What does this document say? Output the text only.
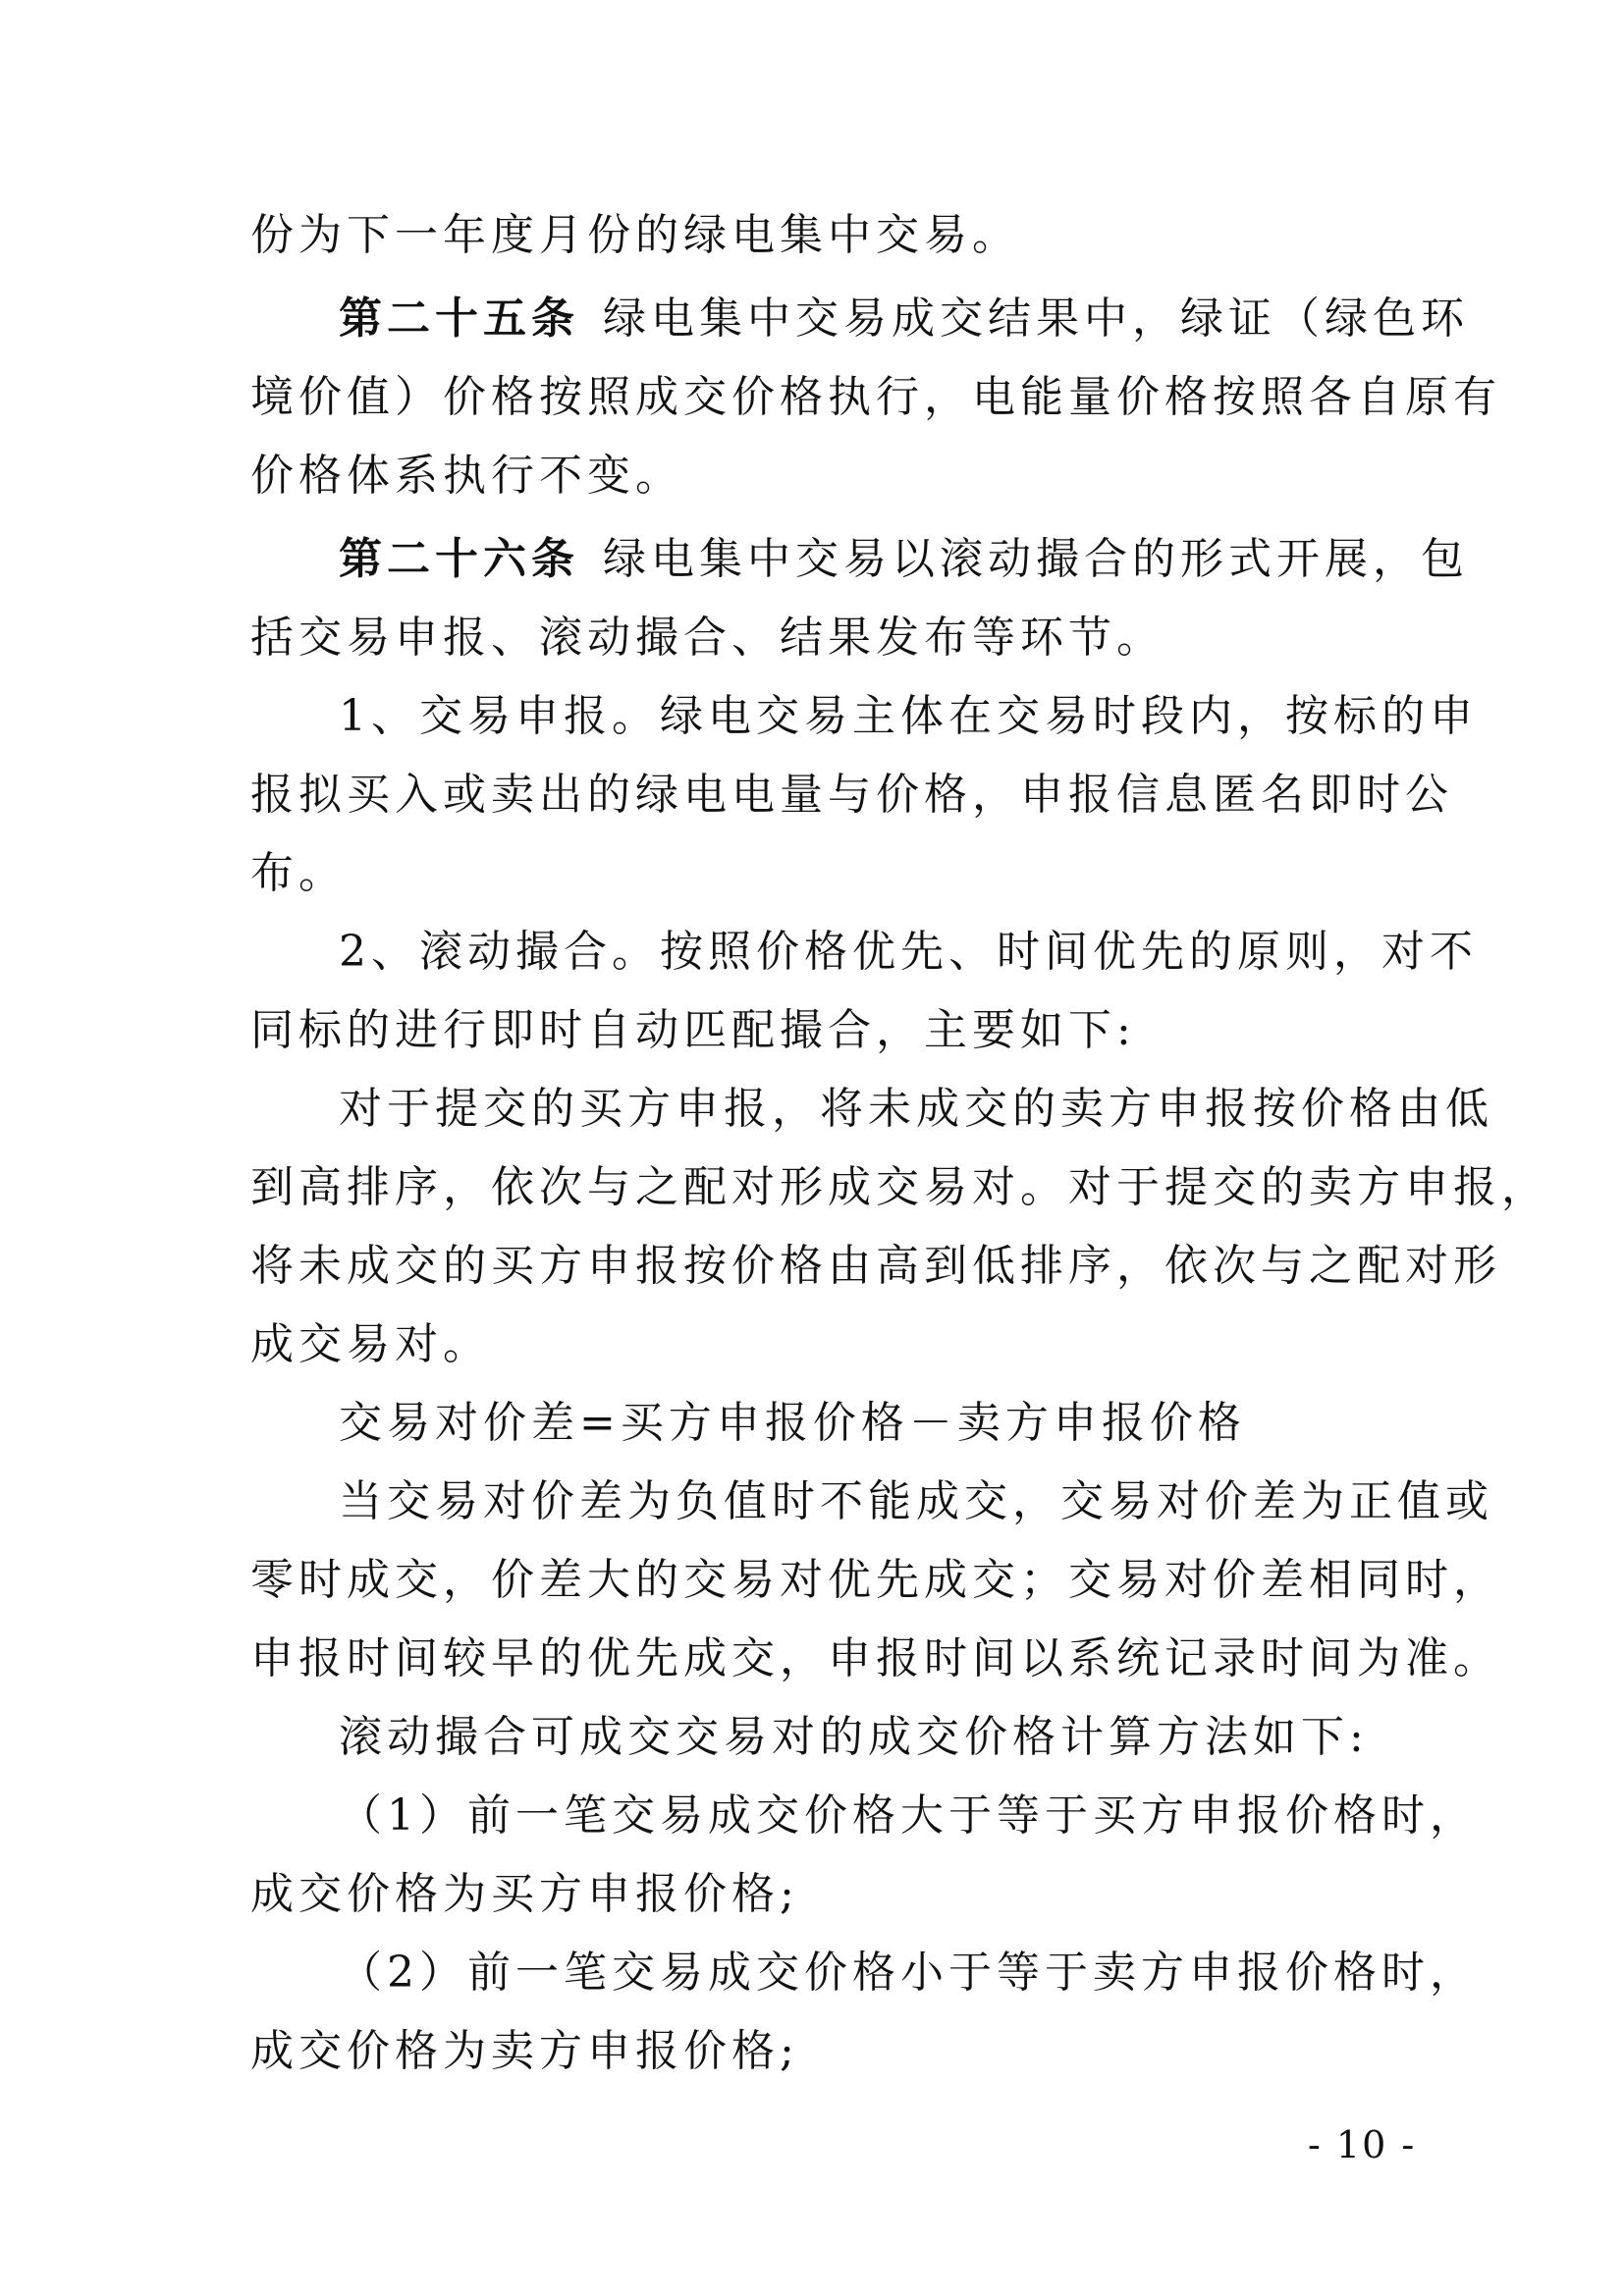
份为下一年度月份的绿电集中交易。
第二十五条 绿电集中交易成交结果中，绿证（绿色环
境价值）价格按照成交价格执行，电能量价格按照各自原有
价格体系执行不变。
第二十六条 绿电集中交易以滚动撮合的形式开展，包
括交易申报、滚动撮合、结果发布等环节。
1、交易申报。绿电交易主体在交易时段内，按标的申
报拟买入或卖出的绿电电量与价格，申报信息匿名即时公
布。
2、滚动撮合。按照价格优先、时间优先的原则，对不
同标的进行即时自动匹配撮合，主要如下:
对于提交的买方申报，将未成交的卖方申报按价格由低
到高排序，依次与之配对形成交易对。对于提交的卖方申报，
将未成交的买方申报按价格由高到低排序，依次与之配对形
成交易对。
交易对价差=买方申报价格－卖方申报价格
当交易对价差为负值时不能成交，交易对价差为正值或
零时成交，价差大的交易对优先成交；交易对价差相同时，
申报时间较早的优先成交，申报时间以系统记录时间为准。
滚动撮合可成交交易对的成交价格计算方法如下:
（1）前一笔交易成交价格大于等于买方申报价格时，
成交价格为买方申报价格;
（2）前一笔交易成交价格小于等于卖方申报价格时，
成交价格为卖方申报价格;
- 10 -
